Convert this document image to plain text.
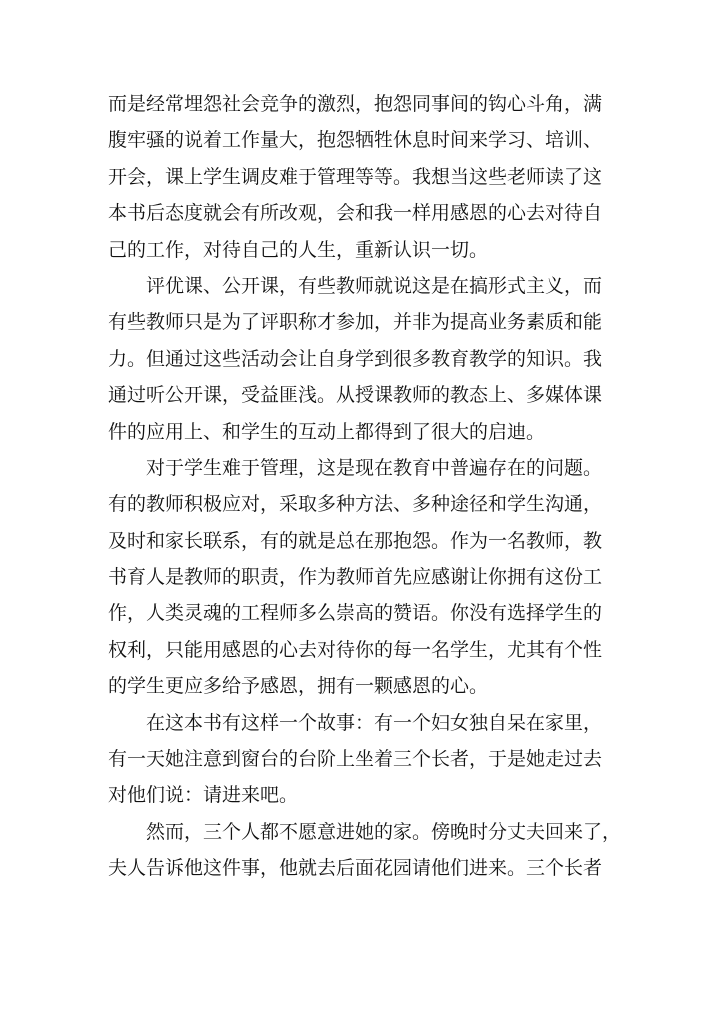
而是经常埋怨社会竞争的激烈，抱怨同事间的钩心斗角，满
腹牢骚的说着工作量大，抱怨牺牲休息时间来学习、培训、
开会，课上学生调皮难于管理等等。我想当这些老师读了这
本书后态度就会有所改观，会和我一样用感恩的心去对待自
己的工作，对待自己的人生，重新认识一切。
　　评优课、公开课，有些教师就说这是在搞形式主义，而
有些教师只是为了评职称才参加，并非为提高业务素质和能
力。但通过这些活动会让自身学到很多教育教学的知识。我
通过听公开课，受益匪浅。从授课教师的教态上、多媒体课
件的应用上、和学生的互动上都得到了很大的启迪。
　　对于学生难于管理，这是现在教育中普遍存在的问题。
有的教师积极应对，采取多种方法、多种途径和学生沟通，
及时和家长联系，有的就是总在那抱怨。作为一名教师，教
书育人是教师的职责，作为教师首先应感谢让你拥有这份工
作，人类灵魂的工程师多么崇高的赞语。你没有选择学生的
权利，只能用感恩的心去对待你的每一名学生，尤其有个性
的学生更应多给予感恩，拥有一颗感恩的心。
　　在这本书有这样一个故事：有一个妇女独自呆在家里，
有一天她注意到窗台的台阶上坐着三个长者，于是她走过去
对他们说：请进来吧。
　　然而，三个人都不愿意进她的家。傍晚时分丈夫回来了，
夫人告诉他这件事，他就去后面花园请他们进来。三个长者
